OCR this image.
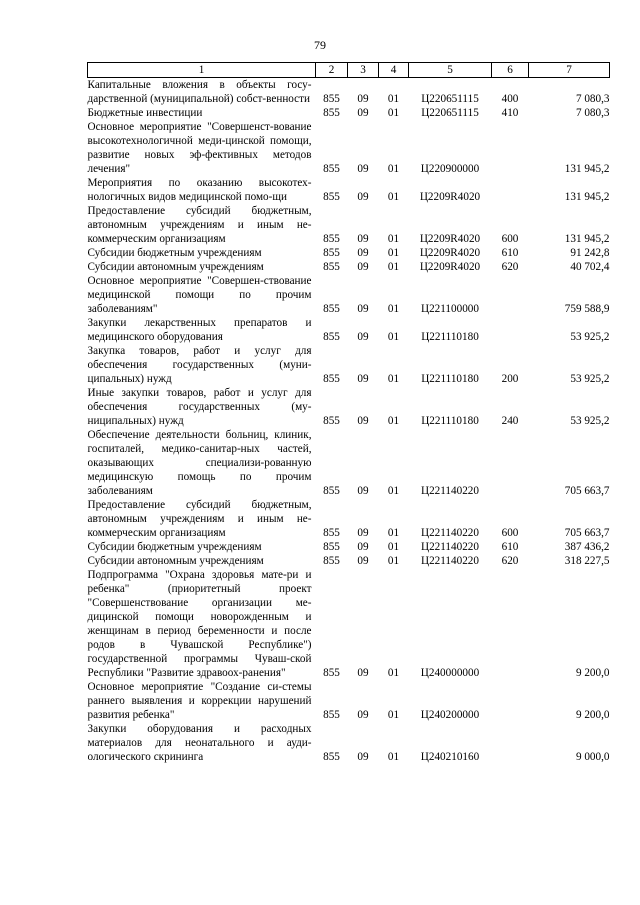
79
1	2	3	4	5	6	7
Капитальные вложения в объекты госу-дарственной (муниципальной) собст-венности	855	09	01	Ц220651115	400	7 080,3
Бюджетные инвестиции	855	09	01	Ц220651115	410	7 080,3
Основное мероприятие "Совершенст-вование высокотехнологичной меди-цинской помощи, развитие новых эф-фективных методов лечения"	855	09	01	Ц220900000		131 945,2
Мероприятия по оказанию высокотех-нологичных видов медицинской помо-щи	855	09	01	Ц2209R4020		131 945,2
Предоставление субсидий бюджетным, автономным учреждениям и иным не-коммерческим организациям	855	09	01	Ц2209R4020	600	131 945,2
Субсидии бюджетным учреждениям	855	09	01	Ц2209R4020	610	91 242,8
Субсидии автономным учреждениям	855	09	01	Ц2209R4020	620	40 702,4
Основное мероприятие "Совершен-ствование медицинской помощи по прочим заболеваниям"	855	09	01	Ц221100000		759 588,9
Закупки лекарственных препаратов и медицинского оборудования	855	09	01	Ц221110180		53 925,2
Закупка товаров, работ и услуг для обеспечения государственных (муни-ципальных) нужд	855	09	01	Ц221110180	200	53 925,2
Иные закупки товаров, работ и услуг для обеспечения государственных (му-ниципальных) нужд	855	09	01	Ц221110180	240	53 925,2
Обеспечение деятельности больниц, клиник, госпиталей, медико-санитар-ных частей, оказывающих специализи-рованную медицинскую помощь по прочим заболеваниям	855	09	01	Ц221140220		705 663,7
Предоставление субсидий бюджетным, автономным учреждениям и иным не-коммерческим организациям	855	09	01	Ц221140220	600	705 663,7
Субсидии бюджетным учреждениям	855	09	01	Ц221140220	610	387 436,2
Субсидии автономным учреждениям	855	09	01	Ц221140220	620	318 227,5
Подпрограмма "Охрана здоровья мате-ри и ребенка" (приоритетный проект "Совершенствование организации ме-дицинской помощи новорожденным и женщинам в период беременности и после родов в Чувашской Республике") государственной программы Чуваш-ской Республики "Развитие здравоох-ранения"	855	09	01	Ц240000000		9 200,0
Основное мероприятие "Создание си-стемы раннего выявления и коррекции нарушений развития ребенка"	855	09	01	Ц240200000		9 200,0
Закупки оборудования и расходных материалов для неонатального и ауди-ологического скрининга	855	09	01	Ц240210160		9 000,0
